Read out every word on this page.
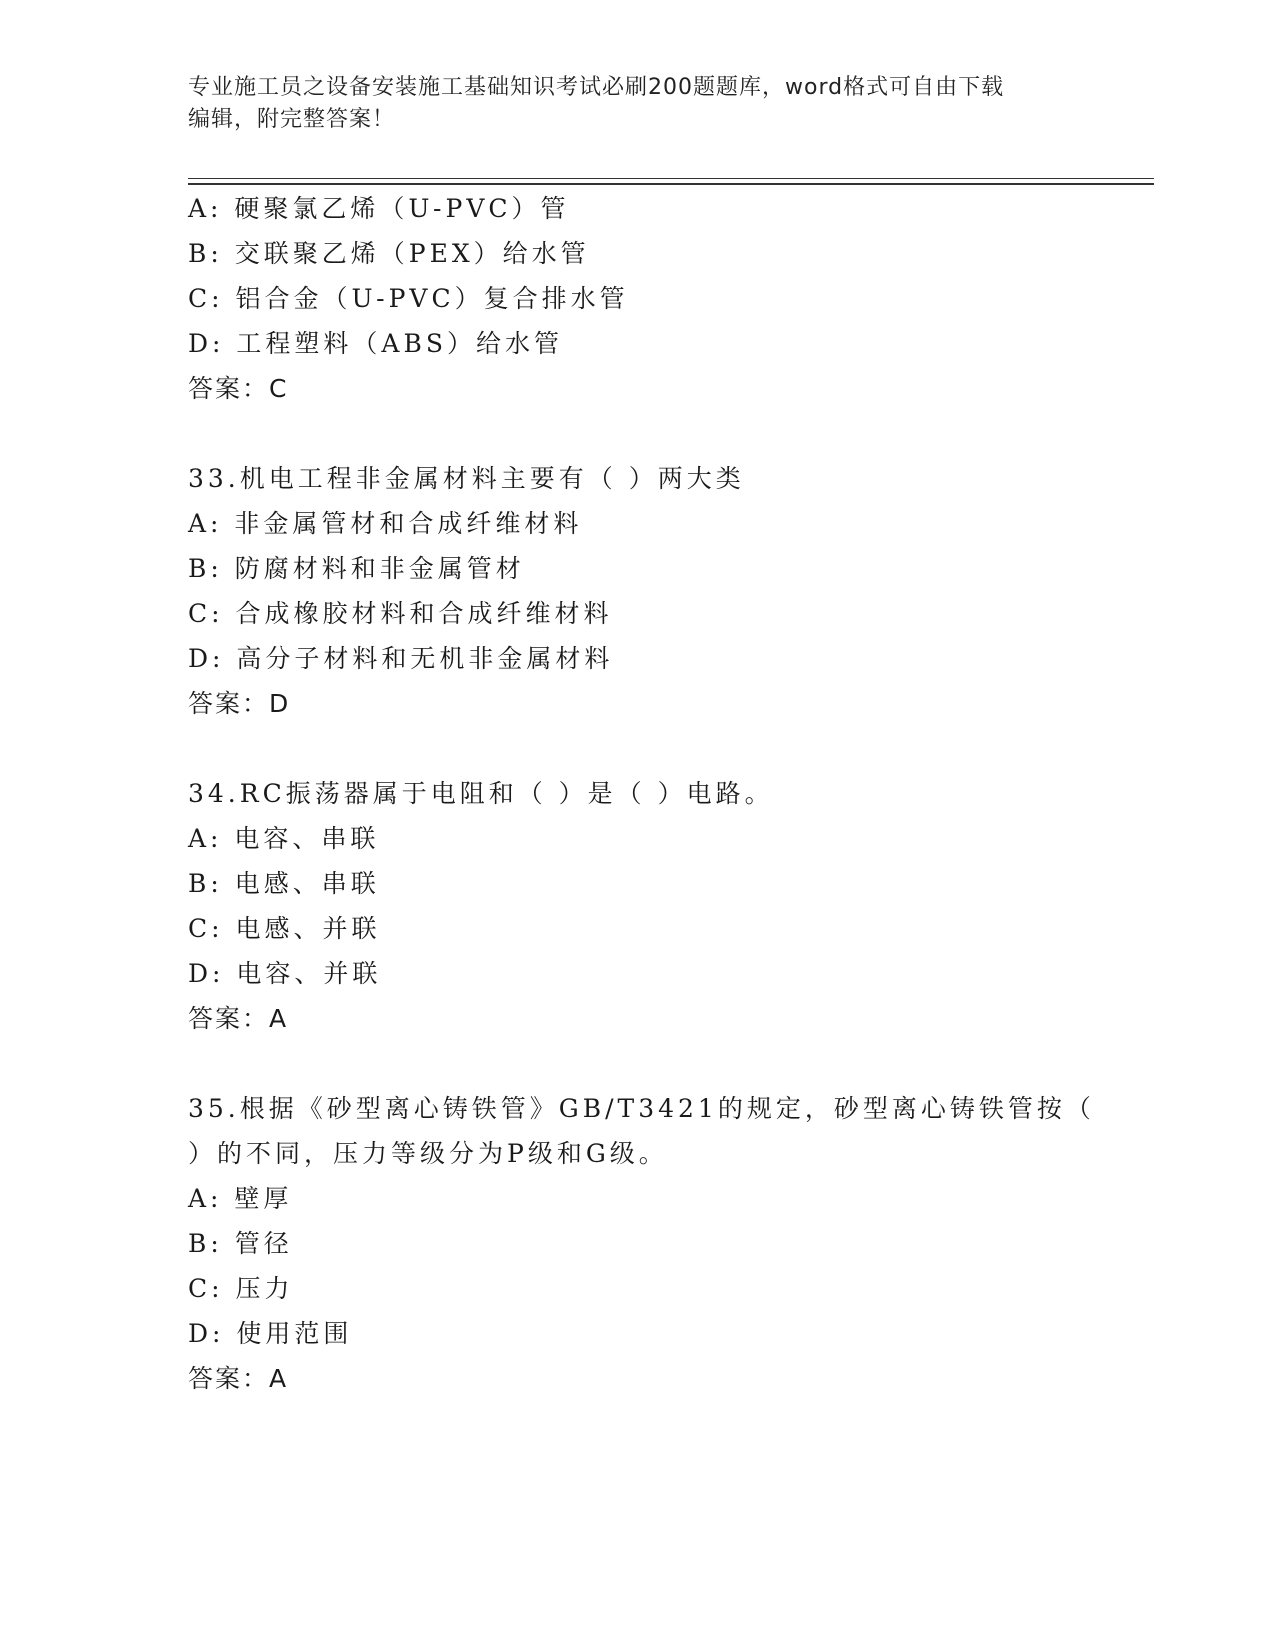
专业施工员之设备安装施工基础知识考试必刷200题题库，word格式可自由下载
编辑，附完整答案！
A: 硬聚氯乙烯（U-PVC）管
B: 交联聚乙烯（PEX）给水管
C: 铝合金（U-PVC）复合排水管
D: 工程塑料（ABS）给水管
答案：C
33.机电工程非金属材料主要有（ ）两大类
A: 非金属管材和合成纤维材料
B: 防腐材料和非金属管材
C: 合成橡胶材料和合成纤维材料
D: 高分子材料和无机非金属材料
答案：D
34.RC振荡器属于电阻和（ ）是（ ）电路。
A: 电容、串联
B: 电感、串联
C: 电感、并联
D: 电容、并联
答案：A
35.根据《砂型离心铸铁管》GB/T3421的规定，砂型离心铸铁管按（
）的不同，压力等级分为P级和G级。
A: 壁厚
B: 管径
C: 压力
D: 使用范围
答案：A
